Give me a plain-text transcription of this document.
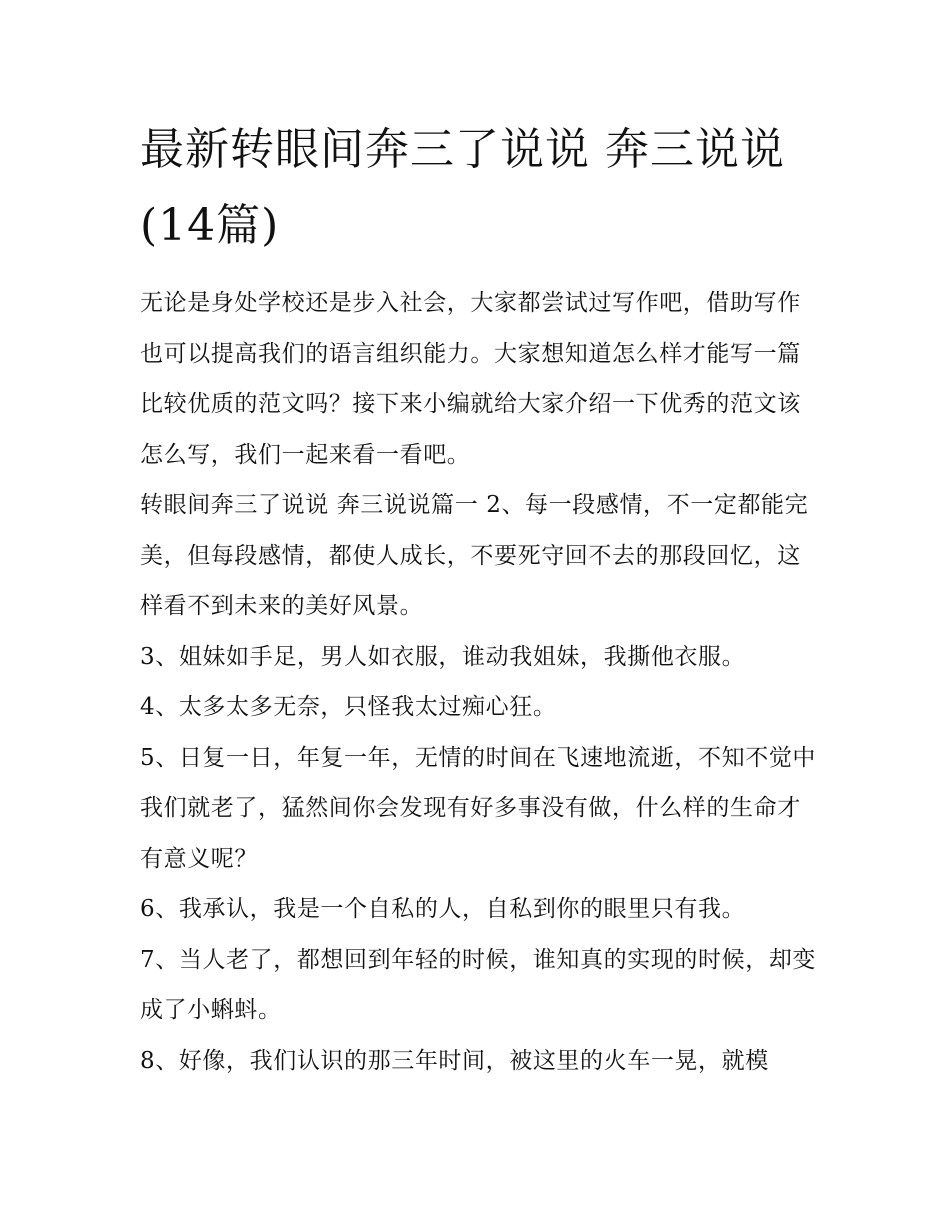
最新转眼间奔三了说说 奔三说说(14篇)

无论是身处学校还是步入社会，大家都尝试过写作吧，借助写作也可以提高我们的语言组织能力。大家想知道怎么样才能写一篇比较优质的范文吗？接下来小编就给大家介绍一下优秀的范文该怎么写，我们一起来看一看吧。

转眼间奔三了说说 奔三说说篇一 2、每一段感情，不一定都能完美，但每段感情，都使人成长，不要死守回不去的那段回忆，这样看不到未来的美好风景。

3、姐妹如手足，男人如衣服，谁动我姐妹，我撕他衣服。

4、太多太多无奈，只怪我太过痴心狂。

5、日复一日，年复一年，无情的时间在飞速地流逝，不知不觉中我们就老了，猛然间你会发现有好多事没有做，什么样的生命才有意义呢？

6、我承认，我是一个自私的人，自私到你的眼里只有我。

7、当人老了，都想回到年轻的时候，谁知真的实现的时候，却变成了小蝌蚪。

8、好像，我们认识的那三年时间，被这里的火车一晃，就模
